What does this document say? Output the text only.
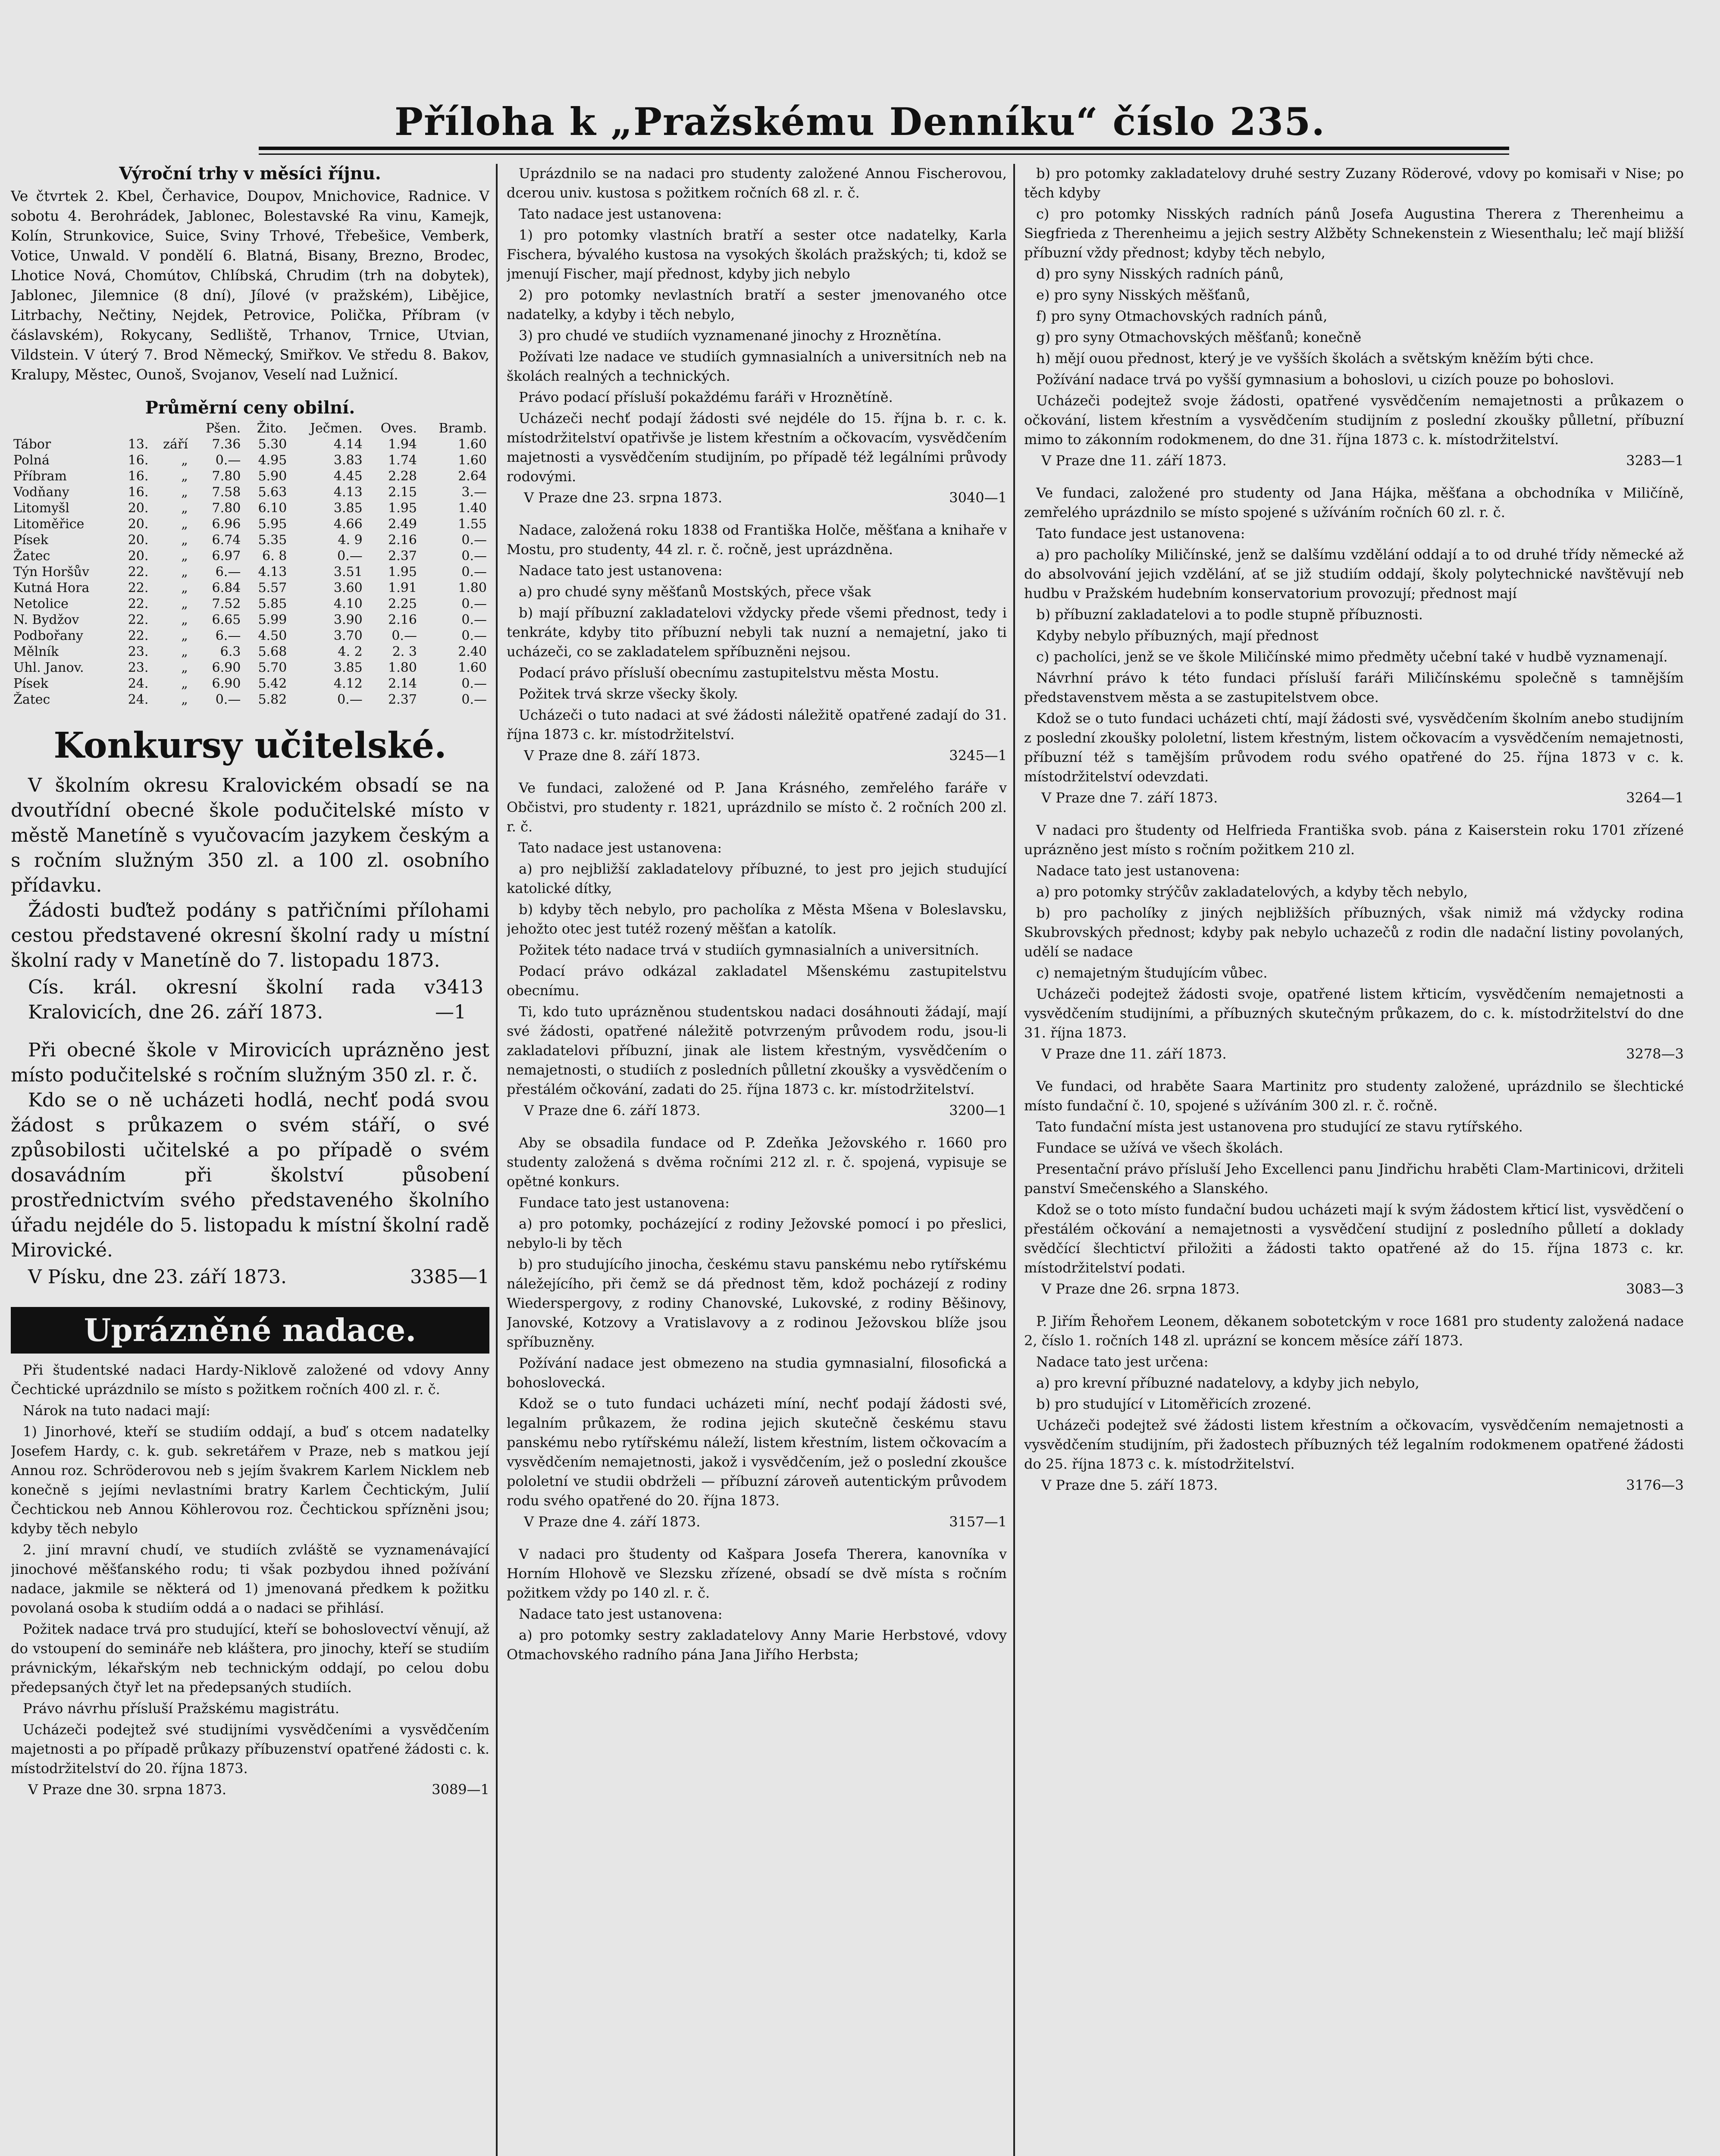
Příloha k „Pražskému Denníku“ číslo 235.

Výroční trhy v měsíci říjnu.

Ve čtvrtek 2. Kbel, Čerhavice, Doupov, Mnichovice, Radnice. V sobotu 4. Berohrádek, Jablonec, Bolestavské Ra vinu, Kamejk, Kolín, Strunkovice, Suice, Sviny Trhové, Třebešice, Vemberk, Votice, Unwald. V pondělí 6. Blatná, Bisany, Brezno, Brodec, Lhotice Nová, Chomútov, Chlíbská, Chrudim (trh na dobytek), Jablonec, Jilemnice (8 dní), Jílové (v pražském), Libějice, Litrbachy, Nečtiny, Nejdek, Petrovice, Polička, Příbram (v čáslavském), Rokycany, Sedliště, Trhanov, Trnice, Utvian, Vildstein. V úterý 7. Brod Německý, Smiřkov. Ve středu 8. Bakov, Kralupy, Městec, Ounoš, Svojanov, Veselí nad Lužnicí.

Průměrní ceny obilní.

			Pšen.	Žito.	Ječmen.	Oves.	Bramb.
Tábor	13.	září	7.36	5.30	4.14	1.94	1.60
Polná	16.	„	0.—	4.95	3.83	1.74	1.60
Příbram	16.	„	7.80	5.90	4.45	2.28	2.64
Vodňany	16.	„	7.58	5.63	4.13	2.15	3.—
Litomyšl	20.	„	7.80	6.10	3.85	1.95	1.40
Litoměřice	20.	„	6.96	5.95	4.66	2.49	1.55
Písek	20.	„	6.74	5.35	4. 9	2.16	0.—
Žatec	20.	„	6.97	6. 8	0.—	2.37	0.—
Týn Horšův	22.	„	6.—	4.13	3.51	1.95	0.—
Kutná Hora	22.	„	6.84	5.57	3.60	1.91	1.80
Netolice	22.	„	7.52	5.85	4.10	2.25	0.—
N. Bydžov	22.	„	6.65	5.99	3.90	2.16	0.—
Podbořany	22.	„	6.—	4.50	3.70	0.—	0.—
Mělník	23.	„	6.3	5.68	4. 2	2. 3	2.40
Uhl. Janov.	23.	„	6.90	5.70	3.85	1.80	1.60
Písek	24.	„	6.90	5.42	4.12	2.14	0.—
Žatec	24.	„	0.—	5.82	0.—	2.37	0.—
Konkursy učitelské.

V školním okresu Kralovickém obsadí se na dvoutřídní obecné škole podučitelské místo v městě Manetíně s vyučovacím jazykem českým a s ročním služným 350 zl. a 100 zl. osobního přídavku.

Žádosti buďtež podány s patřičními přílohami cestou představené okresní školní rady u místní školní rady v Manetíně do 7. listopadu 1873.

Cís. král. okresní školní rada v Kralovicích, dne 26. září 1873.
3413—1

Při obecné škole v Mirovicích uprázněno jest místo podučitelské s ročním služným 350 zl. r. č.

Kdo se o ně ucházeti hodlá, nechť podá svou žádost s průkazem o svém stáří, o své způsobilosti učitelské a po případě o svém dosavádním při školství působení prostřednictvím svého představeného školního úřadu nejdéle do 5. listopadu k místní školní radě Mirovické.

V Písku, dne 23. září 1873.	3385—1
Uprázněné nadace.

Při študentské nadaci Hardy-Niklově založené od vdovy Anny Čechtické uprázdnilo se místo s požitkem ročních 400 zl. r. č.

Nárok na tuto nadaci mají:

1) Jinorhové, kteří se studiím oddají, a buď s otcem nadatelky Josefem Hardy, c. k. gub. sekretářem v Praze, neb s matkou její Annou roz. Schröderovou neb s jejím švakrem Karlem Nicklem neb konečně s jejími nevlastními bratry Karlem Čechtickým, Julií Čechtickou neb Annou Köhlerovou roz. Čechtickou spřízněni jsou; kdyby těch nebylo

2. jiní mravní chudí, ve studiích zvláště se vyznamenávající jinochové měšťanského rodu; ti však pozbydou ihned požívání nadace, jakmile se některá od 1) jmenovaná předkem k požitku povolaná osoba k studiím oddá a o nadaci se přihlásí.

Požitek nadace trvá pro studující, kteří se bohoslovectví věnují, až do vstoupení do semináře neb kláštera, pro jinochy, kteří se studiím právnickým, lékařským neb technickým oddají, po celou dobu předepsaných čtyř let na předepsaných studiích.

Právo návrhu přísluší Pražskému magistrátu.

Ucházeči podejtež své studijními vysvědčeními a vysvědčením majetnosti a po případě průkazy příbuzenství opatřené žádosti c. k. místodržitelství do 20. října 1873.

V Praze dne 30. srpna 1873.	3089—1

Uprázdnilo se na nadaci pro studenty založené Annou Fischerovou, dcerou univ. kustosa s požitkem ročních 68 zl. r. č.

Tato nadace jest ustanovena:

1) pro potomky vlastních bratří a sester otce nadatelky, Karla Fischera, bývalého kustosa na vysokých školách pražských; ti, kdož se jmenují Fischer, mají přednost, kdyby jich nebylo

2) pro potomky nevlastních bratří a sester jmenovaného otce nadatelky, a kdyby i těch nebylo,

3) pro chudé ve studiích vyznamenané jinochy z Hroznětína.

Požívati lze nadace ve studiích gymnasialních a universitních neb na školách realných a technických.

Právo podací přísluší pokaždému faráři v Hroznětíně.

Ucházeči nechť podají žádosti své nejdéle do 15. října b. r. c. k. místodržitelství opatřivše je listem křestním a očkovacím, vysvědčením majetnosti a vysvědčením studijním, po případě též legálními průvody rodovými.

V Praze dne 23. srpna 1873.	3040—1

Nadace, založená roku 1838 od Františka Holče, měšťana a knihaře v Mostu, pro studenty, 44 zl. r. č. ročně, jest uprázdněna.

Nadace tato jest ustanovena:

a) pro chudé syny měšťanů Mostských, přece však

b) mají příbuzní zakladatelovi vždycky přede všemi přednost, tedy i tenkráte, kdyby tito příbuzní nebyli tak nuzní a nemajetní, jako ti ucházeči, co se zakladatelem spříbuzněni nejsou.

Podací právo přísluší obecnímu zastupitelstvu města Mostu.

Požitek trvá skrze všecky školy.

Ucházeči o tuto nadaci at své žádosti náležitě opatřené zadají do 31. října 1873 c. kr. místodržitelství.

V Praze dne 8. září 1873.	3245—1

Ve fundaci, založené od P. Jana Krásného, zemřelého faráře v Občistvi, pro studenty r. 1821, uprázdnilo se místo č. 2 ročních 200 zl. r. č.

Tato nadace jest ustanovena:

a) pro nejbližší zakladatelovy příbuzné, to jest pro jejich studující katolické dítky,

b) kdyby těch nebylo, pro pacholíka z Města Mšena v Boleslavsku, jehožto otec jest tutéž rozený měšťan a katolík.

Požitek této nadace trvá v studiích gymnasialních a universitních.

Podací právo odkázal zakladatel Mšenskému zastupitelstvu obecnímu.

Ti, kdo tuto uprázněnou studentskou nadaci dosáhnouti žádají, mají své žádosti, opatřené náležitě potvrzeným průvodem rodu, jsou-li zakladatelovi příbuzní, jinak ale listem křestným, vysvědčením o nemajetnosti, o studiích z posledních půlletní zkoušky a vysvědčením o přestálém očkování, zadati do 25. října 1873 c. kr. místodržitelství.

V Praze dne 6. září 1873.	3200—1

Aby se obsadila fundace od P. Zdeňka Ježovského r. 1660 pro studenty založená s dvěma ročními 212 zl. r. č. spojená, vypisuje se opětné konkurs.

Fundace tato jest ustanovena:

a) pro potomky, pocházející z rodiny Ježovské pomocí i po přeslici, nebylo-li by těch

b) pro studujícího jinocha, českému stavu panskému nebo rytířskému náležejícího, při čemž se dá přednost těm, kdož pocházejí z rodiny Wiederspergovy, z rodiny Chanovské, Lukovské, z rodiny Běšinovy, Janovské, Kotzovy a Vratislavovy a z rodinou Ježovskou blíže jsou spříbuzněny.

Požívání nadace jest obmezeno na studia gymnasialní, filosofická a bohoslovecká.

Kdož se o tuto fundaci ucházeti míní, nechť podají žádosti své, legalním průkazem, že rodina jejich skutečně českému stavu panskému nebo rytířskému náleží, listem křestním, listem očkovacím a vysvědčením nemajetnosti, jakož i vysvědčením, jež o poslední zkoušce pololetní ve studii obdrželi — příbuzní zároveň autentickým průvodem rodu svého opatřené do 20. října 1873.

V Praze dne 4. září 1873.	3157—1

V nadaci pro študenty od Kašpara Josefa Therera, kanovníka v Horním Hlohově ve Slezsku zřízené, obsadí se dvě místa s ročním požitkem vždy po 140 zl. r. č.

Nadace tato jest ustanovena:

a) pro potomky sestry zakladatelovy Anny Marie Herbstové, vdovy Otmachovského radního pána Jana Jiřího Herbsta;

b) pro potomky zakladatelovy druhé sestry Zuzany Röderové, vdovy po komisaři v Nise; po těch kdyby

c) pro potomky Nisských radních pánů Josefa Augustina Therera z Therenheimu a Siegfrieda z Therenheimu a jejich sestry Alžběty Schnekenstein z Wiesenthalu; leč mají bližší příbuzní vždy přednost; kdyby těch nebylo,

d) pro syny Nisských radních pánů,

e) pro syny Nisských měšťanů,

f) pro syny Otmachovských radních pánů,

g) pro syny Otmachovských měšťanů; konečně

h) mějí ouou přednost, který je ve vyšších školách a světským kněžím býti chce.

Požívání nadace trvá po vyšší gymnasium a bohoslovi, u cizích pouze po bohoslovi.

Ucházeči podejtež svoje žádosti, opatřené vysvědčením nemajetnosti a průkazem o očkování, listem křestním a vysvědčením studijním z poslední zkoušky půlletní, příbuzní mimo to zákonním rodokmenem, do dne 31. října 1873 c. k. místodržitelství.

V Praze dne 11. září 1873.	3283—1

Ve fundaci, založené pro studenty od Jana Hájka, měšťana a obchodníka v Miličíně, zemřelého uprázdnilo se místo spojené s užíváním ročních 60 zl. r. č.

Tato fundace jest ustanovena:

a) pro pacholíky Miličínské, jenž se dalšímu vzdělání oddají a to od druhé třídy německé až do absolvování jejich vzdělání, ať se již studiím oddají, školy polytechnické navštěvují neb hudbu v Pražském hudebním konservatorium provozují; přednost mají

b) příbuzní zakladatelovi a to podle stupně příbuznosti.

Kdyby nebylo příbuzných, mají přednost

c) pacholíci, jenž se ve škole Miličínské mimo předměty učební také v hudbě vyznamenají.

Návrhní právo k této fundaci přísluší faráři Miličínskému společně s tamnějším představenstvem města a se zastupitelstvem obce.

Kdož se o tuto fundaci ucházeti chtí, mají žádosti své, vysvědčením školním anebo studijním z poslední zkoušky pololetní, listem křestným, listem očkovacím a vysvědčením nemajetnosti, příbuzní též s tamějším průvodem rodu svého opatřené do 25. října 1873 v c. k. místodržitelství odevzdati.

V Praze dne 7. září 1873.	3264—1

V nadaci pro študenty od Helfrieda Františka svob. pána z Kaiserstein roku 1701 zřízené uprázněno jest místo s ročním požitkem 210 zl.

Nadace tato jest ustanovena:

a) pro potomky strýčův zakladatelových, a kdyby těch nebylo,

b) pro pacholíky z jiných nejbližších příbuzných, však nimiž má vždycky rodina Skubrovských přednost; kdyby pak nebylo uchazečů z rodin dle nadační listiny povolaných, udělí se nadace

c) nemajetným študujícím vůbec.

Ucházeči podejtež žádosti svoje, opatřené listem křticím, vysvědčením nemajetnosti a vysvědčením studijními, a příbuzných skutečným průkazem, do c. k. místodržitelství do dne 31. října 1873.

V Praze dne 11. září 1873.	3278—3

Ve fundaci, od hraběte Saara Martinitz pro studenty založené, uprázdnilo se šlechtické místo fundační č. 10, spojené s užíváním 300 zl. r. č. ročně.

Tato fundační místa jest ustanovena pro studující ze stavu rytířského.

Fundace se užívá ve všech školách.

Presentační právo přísluší Jeho Excellenci panu Jindřichu hraběti Clam-Martinicovi, držiteli panství Smečenského a Slanského.

Kdož se o toto místo fundační budou ucházeti mají k svým žádostem křticí list, vysvědčení o přestálém očkování a nemajetnosti a vysvědčení studijní z posledního půlletí a doklady svědčící šlechtictví přiložiti a žádosti takto opatřené až do 15. října 1873 c. kr. místodržitelství podati.

V Praze dne 26. srpna 1873.	3083—3

P. Jiřím Řehořem Leonem, děkanem sobotetckým v roce 1681 pro studenty založená nadace 2, číslo 1. ročních 148 zl. uprázní se koncem měsíce září 1873.

Nadace tato jest určena:

a) pro krevní příbuzné nadatelovy, a kdyby jich nebylo,

b) pro studující v Litoměřicích zrozené.

Ucházeči podejtež své žádosti listem křestním a očkovacím, vysvědčením nemajetnosti a vysvědčením studijním, při žadostech příbuzných též legalním rodokmenem opatřené žádosti do 25. října 1873 c. k. místodržitelství.

V Praze dne 5. září 1873.	3176—3
